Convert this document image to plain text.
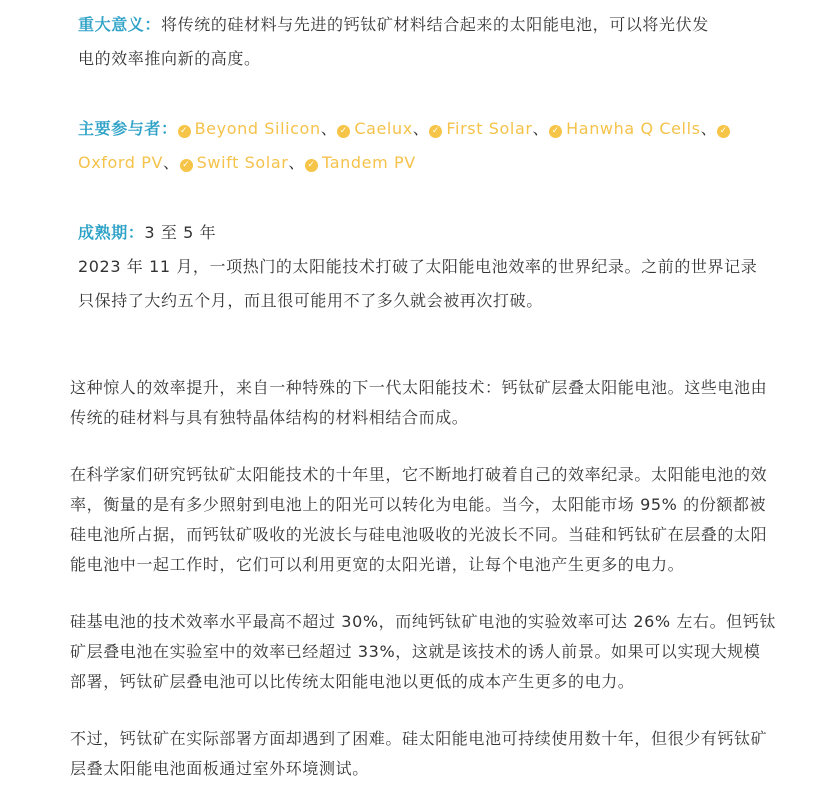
重大意义：将传统的硅材料与先进的钙钛矿材料结合起来的太阳能电池，可以将光伏发
电的效率推向新的高度。
主要参与者： ✓ Beyond Silicon、 ✓ Caelux、 ✓ First Solar、 ✓ Hanwha Q Cells、 ✓
Oxford PV、 ✓ Swift Solar、 ✓ Tandem PV
成熟期：3 至 5 年
2023 年 11 月，一项热门的太阳能技术打破了太阳能电池效率的世界纪录。之前的世界记录
只保持了大约五个月，而且很可能用不了多久就会被再次打破。

这种惊人的效率提升，来自一种特殊的下一代太阳能技术：钙钛矿层叠太阳能电池。这些电池由
传统的硅材料与具有独特晶体结构的材料相结合而成。

在科学家们研究钙钛矿太阳能技术的十年里，它不断地打破着自己的效率纪录。太阳能电池的效
率，衡量的是有多少照射到电池上的阳光可以转化为电能。当今，太阳能市场 95% 的份额都被
硅电池所占据，而钙钛矿吸收的光波长与硅电池吸收的光波长不同。当硅和钙钛矿在层叠的太阳
能电池中一起工作时，它们可以利用更宽的太阳光谱，让每个电池产生更多的电力。

硅基电池的技术效率水平最高不超过 30%，而纯钙钛矿电池的实验效率可达 26% 左右。但钙钛
矿层叠电池在实验室中的效率已经超过 33%，这就是该技术的诱人前景。如果可以实现大规模
部署，钙钛矿层叠电池可以比传统太阳能电池以更低的成本产生更多的电力。

不过，钙钛矿在实际部署方面却遇到了困难。硅太阳能电池可持续使用数十年，但很少有钙钛矿
层叠太阳能电池面板通过室外环境测试。
